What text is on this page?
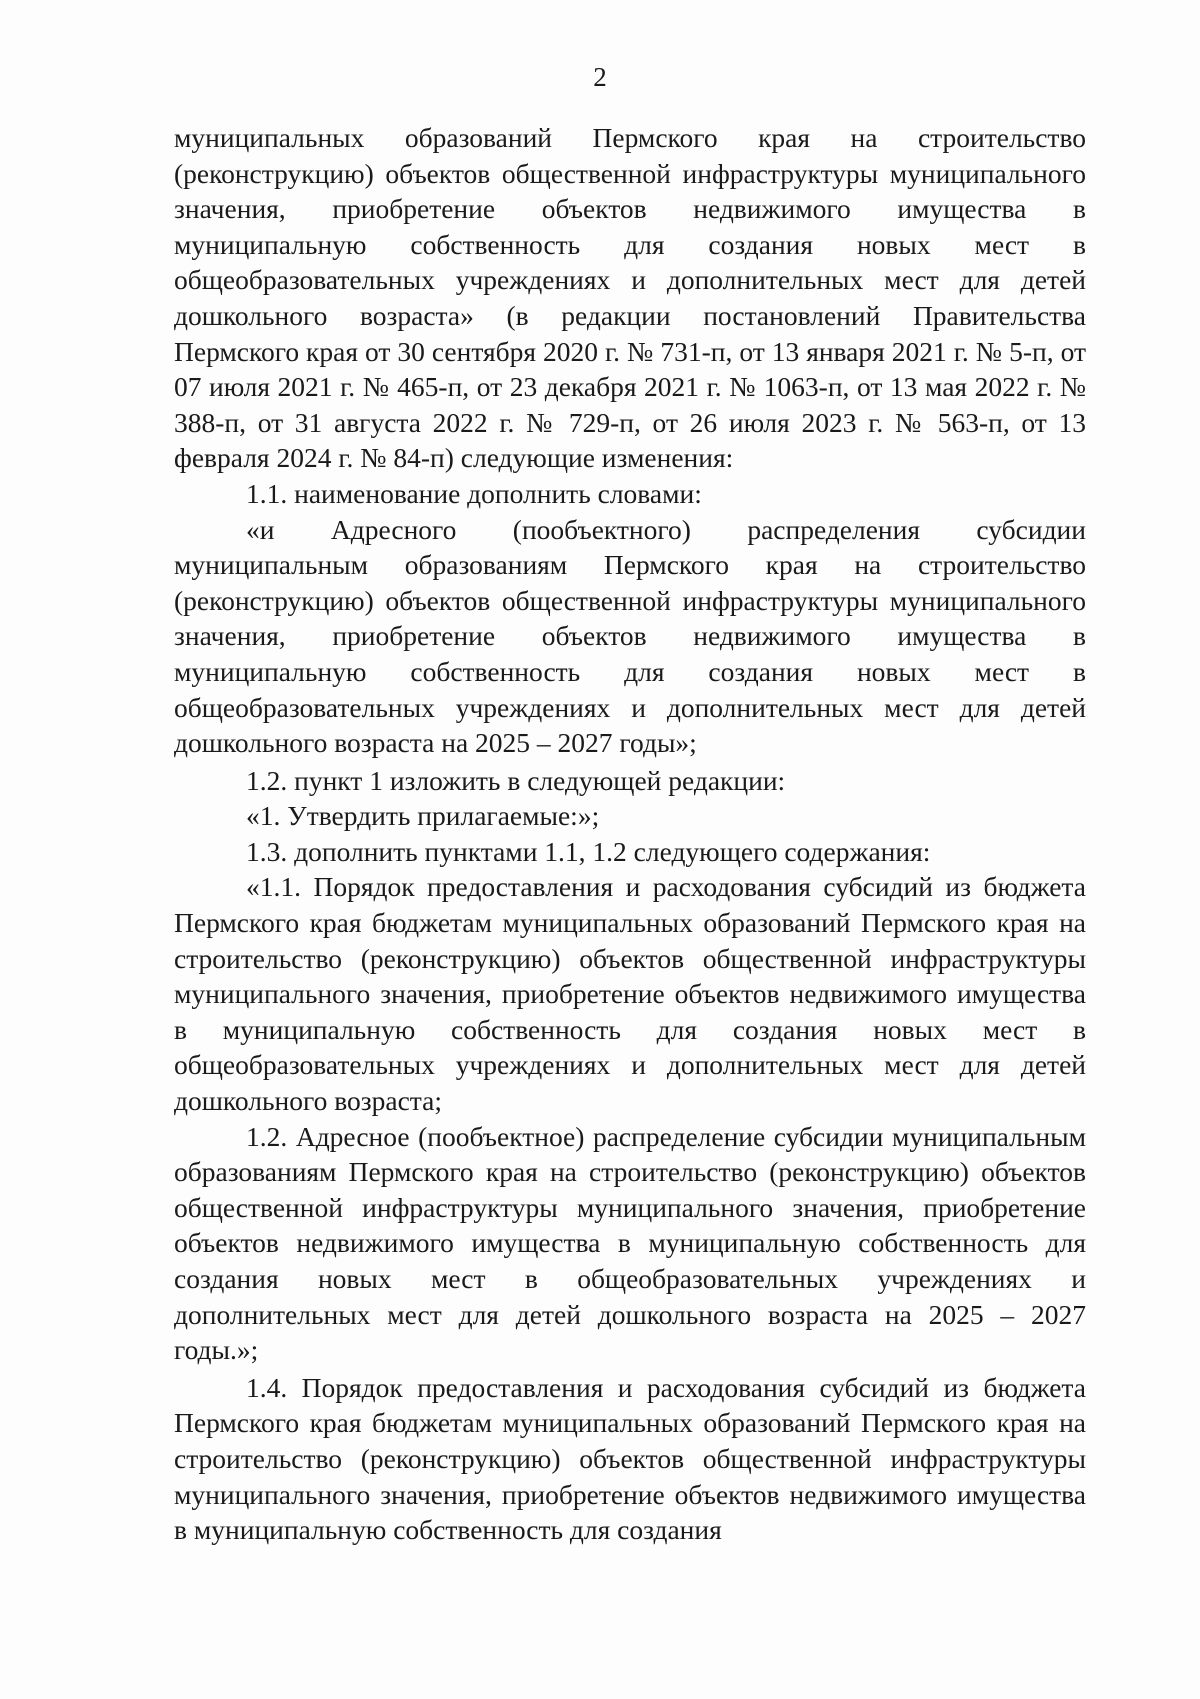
2

муниципальных образований Пермского края на строительство (реконструкцию) объектов общественной инфраструктуры муниципального значения, приобретение объектов недвижимого имущества в муниципальную собственность для создания новых мест в общеобразовательных учреждениях и дополнительных мест для детей дошкольного возраста» (в редакции постановлений Правительства Пермского края от 30 сентября 2020 г. № 731-п, от 13 января 2021 г. № 5-п, от 07 июля 2021 г. № 465-п, от 23 декабря 2021 г. № 1063-п, от 13 мая 2022 г. № 388-п, от 31 августа 2022 г. № 729-п, от 26 июля 2023 г. № 563-п, от 13 февраля 2024 г. № 84-п) следующие изменения:

1.1. наименование дополнить словами:

«и Адресного (пообъектного) распределения субсидии муниципальным образованиям Пермского края на строительство (реконструкцию) объектов общественной инфраструктуры муниципального значения, приобретение объектов недвижимого имущества в муниципальную собственность для создания новых мест в общеобразовательных учреждениях и дополнительных мест для детей дошкольного возраста на 2025 – 2027 годы»;

1.2. пункт 1 изложить в следующей редакции:

«1. Утвердить прилагаемые:»;

1.3. дополнить пунктами 1.1, 1.2 следующего содержания:

«1.1. Порядок предоставления и расходования субсидий из бюджета Пермского края бюджетам муниципальных образований Пермского края на строительство (реконструкцию) объектов общественной инфраструктуры муниципального значения, приобретение объектов недвижимого имущества в муниципальную собственность для создания новых мест в общеобразовательных учреждениях и дополнительных мест для детей дошкольного возраста;

1.2. Адресное (пообъектное) распределение субсидии муниципальным образованиям Пермского края на строительство (реконструкцию) объектов общественной инфраструктуры муниципального значения, приобретение объектов недвижимого имущества в муниципальную собственность для создания новых мест в общеобразовательных учреждениях и дополнительных мест для детей дошкольного возраста на 2025 – 2027 годы.»;

1.4. Порядок предоставления и расходования субсидий из бюджета Пермского края бюджетам муниципальных образований Пермского края на строительство (реконструкцию) объектов общественной инфраструктуры муниципального значения, приобретение объектов недвижимого имущества в муниципальную собственность для создания
